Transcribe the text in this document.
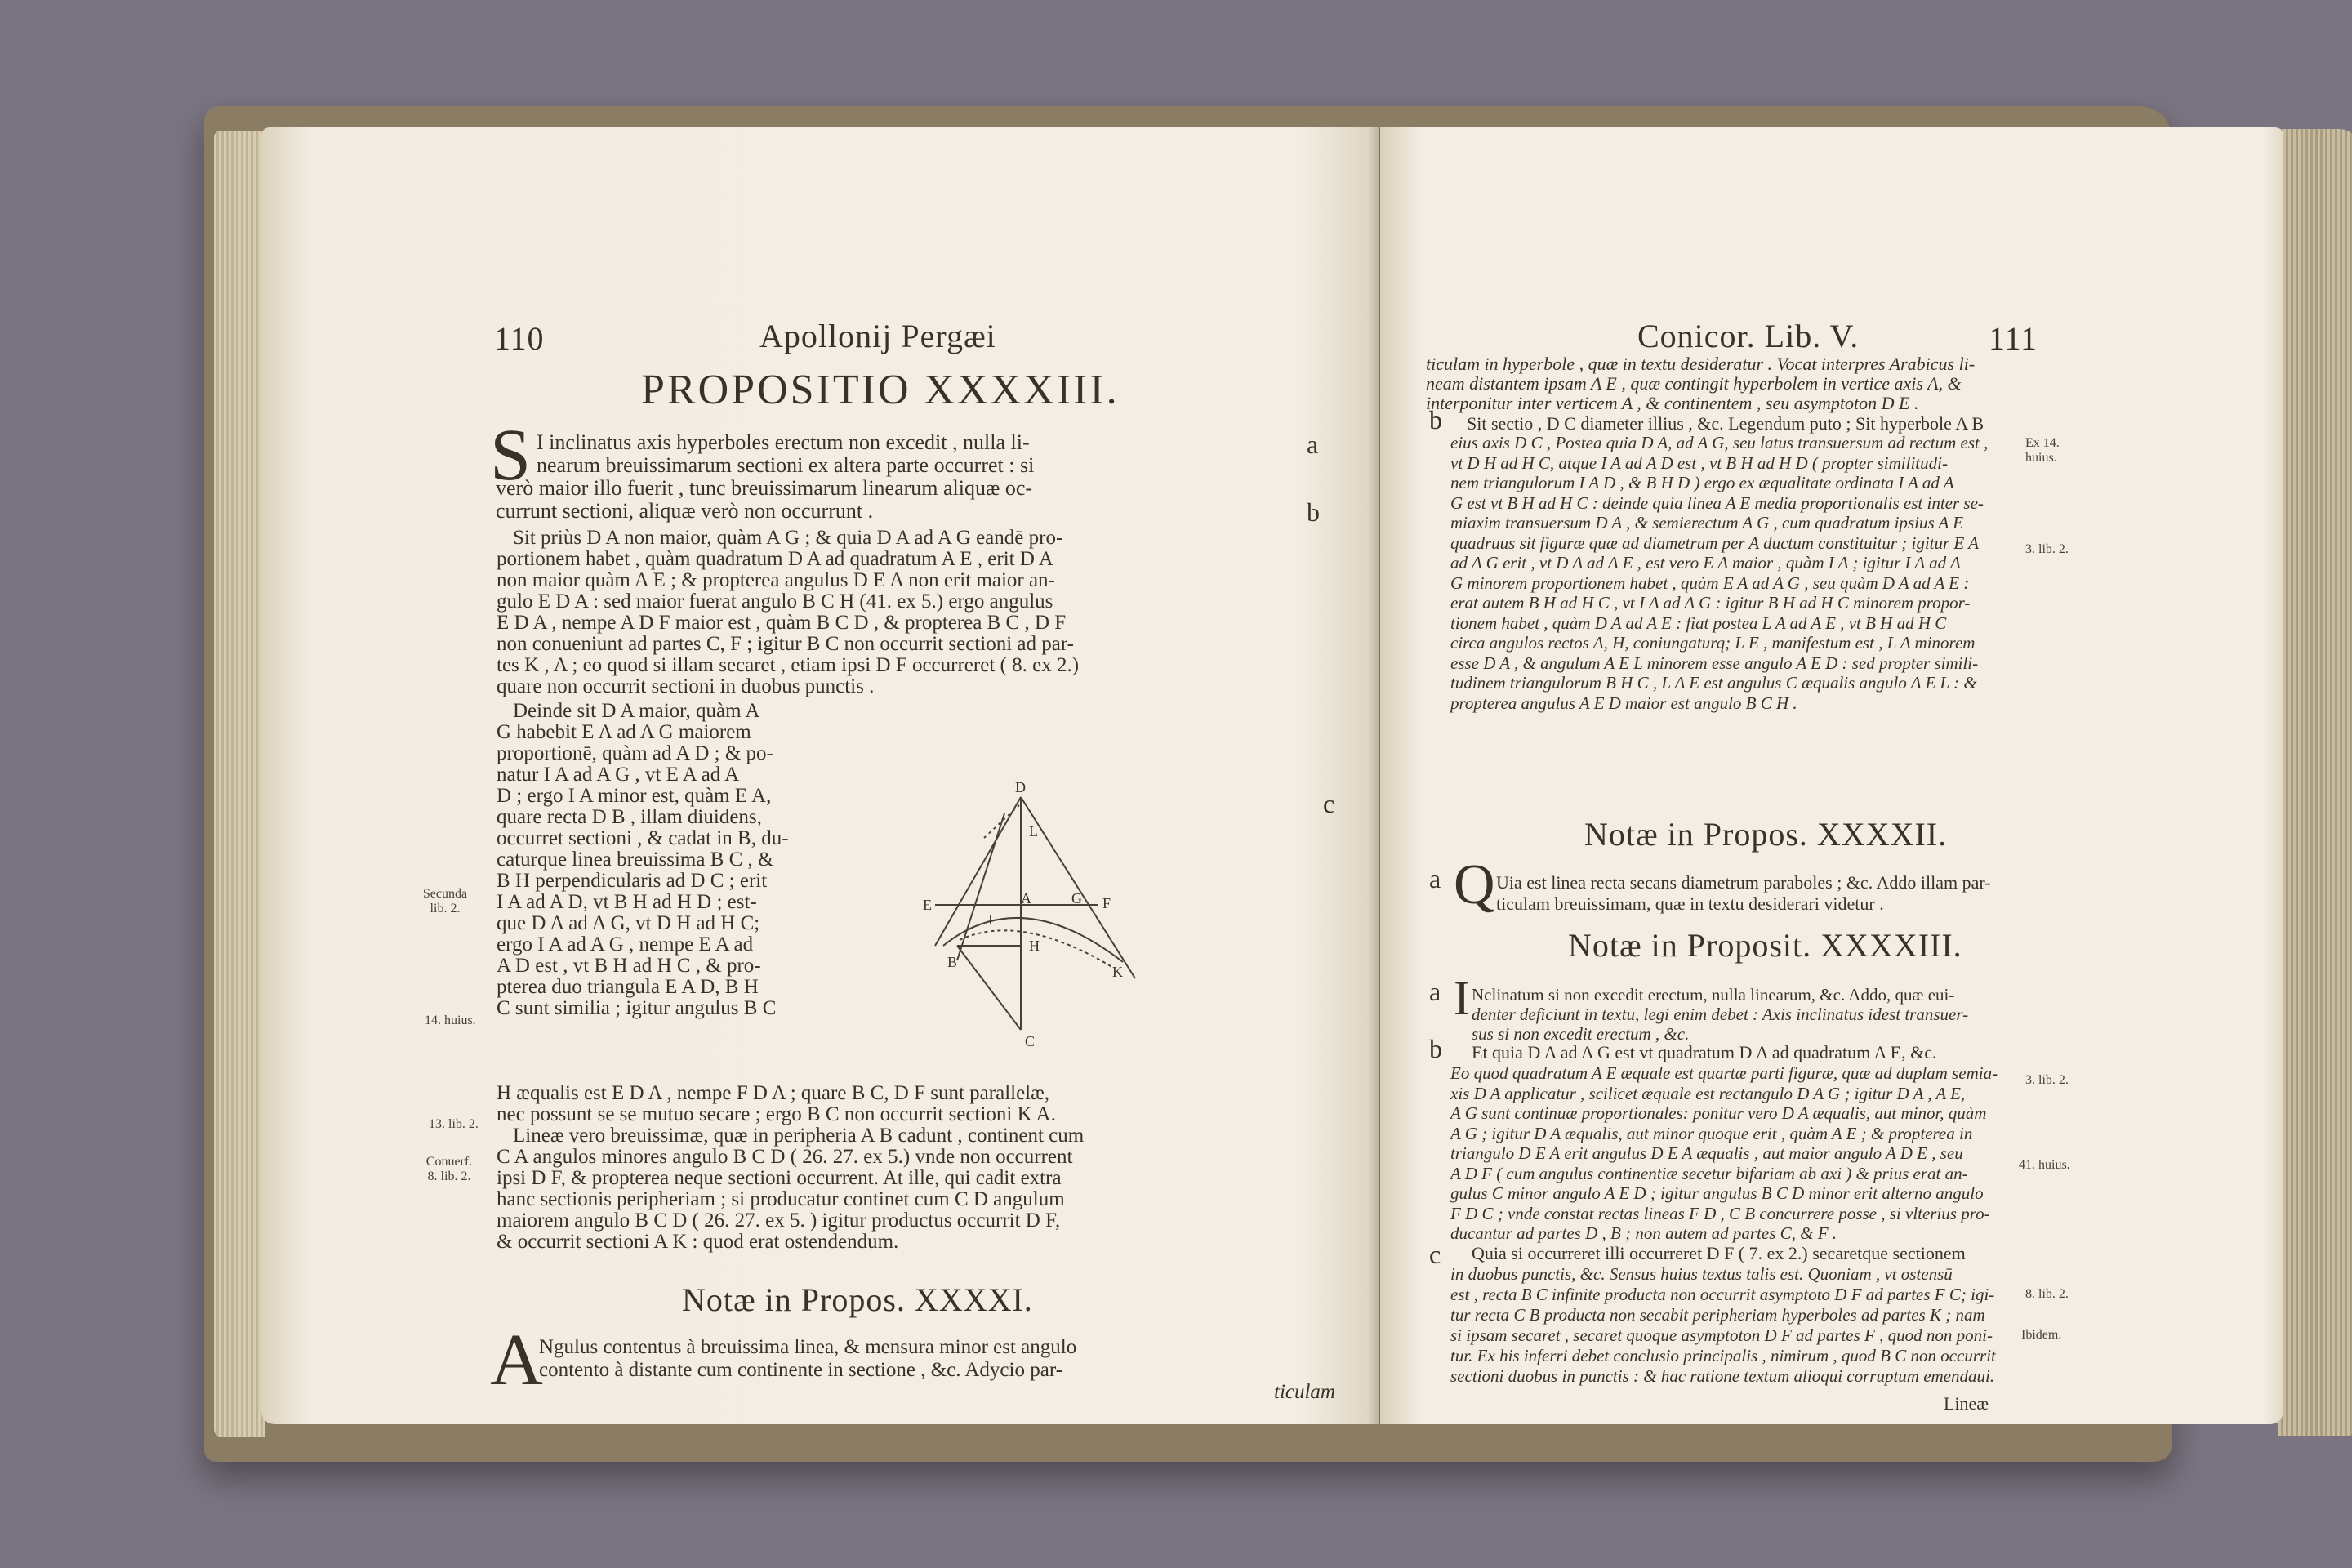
110	Apollonij Pergæi
PROPOSITIO XXXXIII.
S I inclinatus axis hyperboles erectum non excedit , nulla li-
nearum breuissimarum sectioni ex altera parte occurret : si
verò maior illo fuerit , tunc breuissimarum linearum aliquæ oc-
currunt sectioni, aliquæ verò non occurrunt .
a
b
Sit priùs D A non maior, quàm A G ; & quia D A ad A G eandē pro-
portionem habet , quàm quadratum D A ad quadratum A E , erit D A
non maior quàm A E ; & propterea angulus D E A non erit maior an-
gulo E D A : sed maior fuerat angulo B C H (41. ex 5.) ergo angulus
E D A , nempe A D F maior est , quàm B C D , & propterea B C , D F
non conueniunt ad partes C, F ; igitur B C non occurrit sectioni ad par-
tes K , A ; eo quod si illam secaret , etiam ipsi D F occurreret ( 8. ex 2.)
quare non occurrit sectioni in duobus punctis .
Deinde sit D A maior, quàm A
G habebit E A ad A G maiorem
proportionē, quàm ad A D ; & po-
natur I A ad A G , vt E A ad A
D ; ergo I A minor est, quàm E A,
quare recta D B , illam diuidens,
occurret sectioni , & cadat in B, du-
caturque linea breuissima B C , &
B H perpendicularis ad D C ; erit
I A ad A D, vt B H ad H D ; est-
que D A ad A G, vt D H ad H C;
ergo I A ad A G , nempe E A ad
A D est , vt B H ad H C , & pro-
pterea duo triangula E A D, B H
C sunt similia ; igitur angulus B C
c
D
L
E
I
A	G F
B
H
K
C
Secunda lib. 2.
14. huius.
13. lib. 2.
Conuerf. 8. lib. 2.
H æqualis est E D A , nempe F D A ; quare B C, D F sunt parallelæ,
nec possunt se se mutuo secare ; ergo B C non occurrit sectioni K A.
Lineæ vero breuissimæ, quæ in peripheria A B cadunt , continent cum
C A angulos minores angulo B C D ( 26. 27. ex 5.) vnde non occurrent
ipsi D F, & propterea neque sectioni occurrent. At ille, qui cadit extra
hanc sectionis peripheriam ; si producatur continet cum C D angulum
maiorem angulo B C D ( 26. 27. ex 5. ) igitur productus occurrit D F,
& occurrit sectioni A K : quod erat ostendendum.
Notæ in Propos. XXXXI.
A
Ngulus contentus à breuissima linea, & mensura minor est angulo
contento à distante cum continente in sectione , &c. Adycio par-
ticulam
Conicor. Lib. V.	111
ticulam in hyperbole , quæ in textu desideratur . Vocat interpres Arabicus li-
neam distantem ipsam A E , quæ contingit hyperbolem in vertice axis A, &
interponitur inter verticem A , & continentem , seu asymptoton D E .
b Sit sectio , D C diameter illius , &c. Legendum puto ; Sit hyperbole A B
eius axis D C , Postea quia D A, ad A G, seu latus transuersum ad rectum est ,
vt D H ad H C, atque I A ad A D est , vt B H ad H D ( propter similitudi-
nem triangulorum I A D , & B H D ) ergo ex æqualitate ordinata I A ad A
G est vt B H ad H C : deinde quia linea A E media proportionalis est inter se-
miaxim transuersum D A , & semierectum A G , cum quadratum ipsius A E
quadruus sit figuræ quæ ad diametrum per A ductum constituitur ; igitur E A
ad A G erit , vt D A ad A E , est vero E A maior , quàm I A ; igitur I A ad A
G minorem proportionem habet , quàm E A ad A G , seu quàm D A ad A E :
erat autem B H ad H C , vt I A ad A G : igitur B H ad H C minorem propor-
tionem habet , quàm D A ad A E : fiat postea L A ad A E , vt B H ad H C
circa angulos rectos A, H, coniungaturq; L E , manifestum est , L A minorem
esse D A , & angulum A E L minorem esse angulo A E D : sed propter simili-
tudinem triangulorum B H C , L A E est angulus C æqualis angulo A E L : &
propterea angulus A E D maior est angulo B C H .
Ex 14. huius.
3. lib. 2.
Notæ in Propos. XXXXII.
a Q Uia est linea recta secans diametrum paraboles ; &c. Addo illam par-
ticulam breuissimam, quæ in textu desiderari videtur .
Notæ in Proposit. XXXXIII.
a I Nclinatum si non excedit erectum, nulla linearum, &c. Addo, quæ eui-
denter deficiunt in textu, legi enim debet : Axis inclinatus idest transuer-
sus si non excedit erectum , &c.
b Et quia D A ad A G est vt quadratum D A ad quadratum A E, &c.
Eo quod quadratum A E æquale est quartæ parti figuræ, quæ ad duplam semia-
xis D A applicatur , scilicet æquale est rectangulo D A G ; igitur D A , A E,
A G sunt continuæ proportionales: ponitur vero D A æqualis, aut minor, quàm
A G ; igitur D A æqualis, aut minor quoque erit , quàm A E ; & propterea in
triangulo D E A erit angulus D E A æqualis , aut maior angulo A D E , seu
A D F ( cum angulus continentiæ secetur bifariam ab axi ) & prius erat an-
gulus C minor angulo A E D ; igitur angulus B C D minor erit alterno angulo
F D C ; vnde constat rectas lineas F D , C B concurrere posse , si vlterius pro-
ducantur ad partes D , B ; non autem ad partes C, & F .
3. lib. 2.
41. huius.
c Quia si occurreret illi occurreret D F ( 7. ex 2.) secaretque sectionem
in duobus punctis, &c. Sensus huius textus talis est. Quoniam , vt ostensū
est , recta B C infinite producta non occurrit asymptoto D F ad partes F C; igi-
tur recta C B producta non secabit peripheriam hyperboles ad partes K ; nam
si ipsam secaret , secaret quoque asymptoton D F ad partes F , quod non poni-
tur. Ex his inferri debet conclusio principalis , nimirum , quod B C non occurrit
sectioni duobus in punctis : & hac ratione textum alioqui corruptum emendaui.
8. lib. 2.
Ibidem.
Lineæ
